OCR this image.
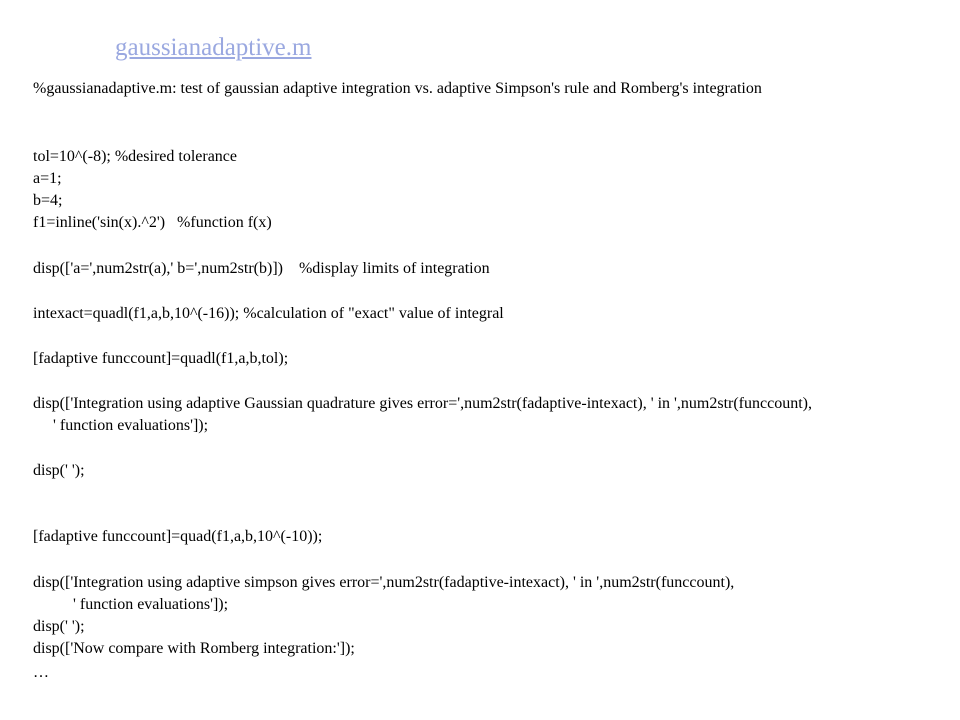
gaussianadaptive.m
%gaussianadaptive.m: test of gaussian adaptive integration vs. adaptive Simpson's rule and Romberg's integration
tol=10^(-8); %desired tolerance
a=1;
b=4;
f1=inline('sin(x).^2')   %function f(x)
disp(['a=',num2str(a),' b=',num2str(b)])    %display limits of integration
intexact=quadl(f1,a,b,10^(-16)); %calculation of "exact" value of integral
[fadaptive funccount]=quadl(f1,a,b,tol);
disp(['Integration using adaptive Gaussian quadrature gives error=',num2str(fadaptive-intexact), ' in ',num2str(funccount),
' function evaluations']);
disp(' ');
[fadaptive funccount]=quad(f1,a,b,10^(-10));
disp(['Integration using adaptive simpson gives error=',num2str(fadaptive-intexact), ' in ',num2str(funccount),
' function evaluations']);
disp(' ');
disp(['Now compare with Romberg integration:']);
…
